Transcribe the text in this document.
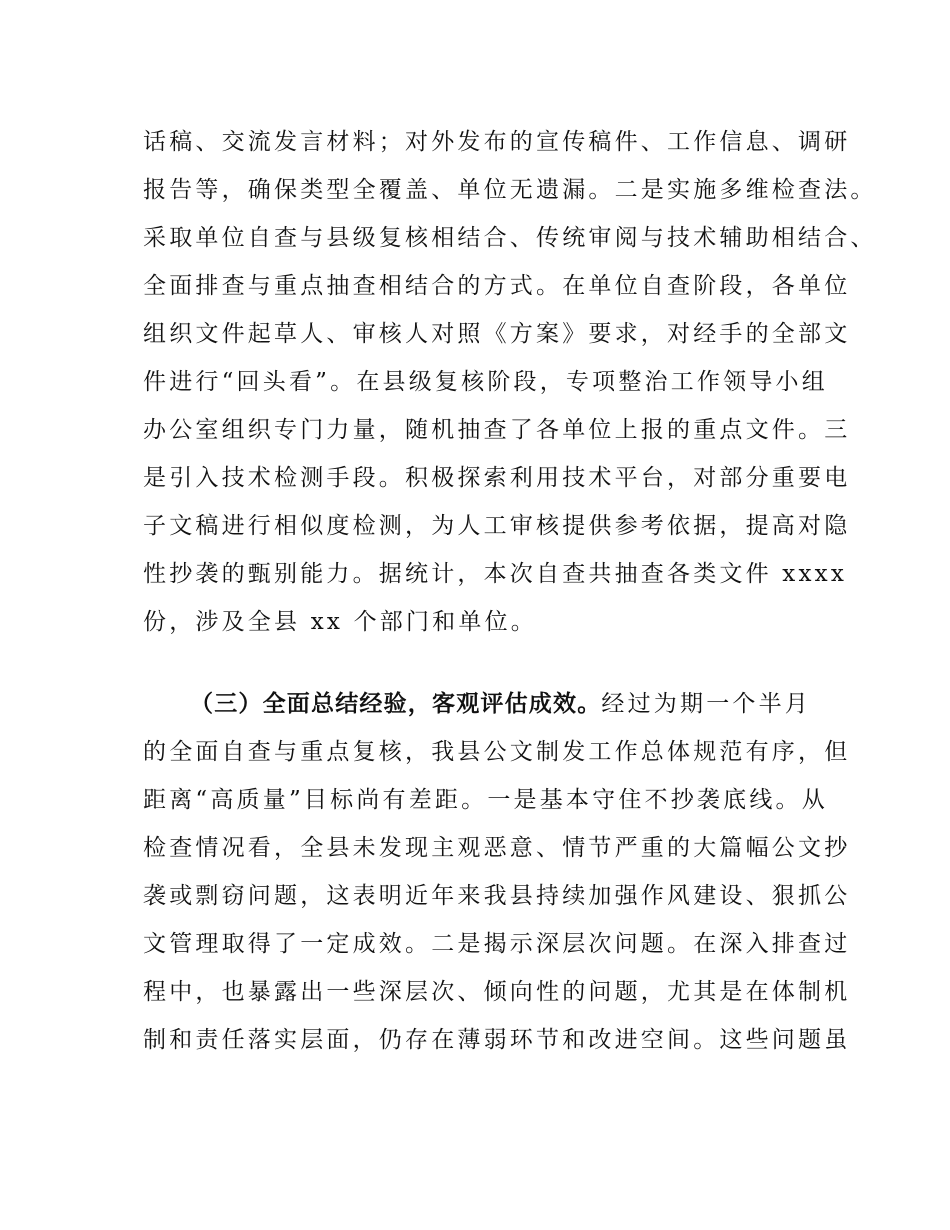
话稿、交流发言材料；对外发布的宣传稿件、工作信息、调研
报告等，确保类型全覆盖、单位无遗漏。二是实施多维检查法。
采取单位自查与县级复核相结合、传统审阅与技术辅助相结合、
全面排查与重点抽查相结合的方式。在单位自查阶段，各单位
组织文件起草人、审核人对照《方案》要求，对经手的全部文
件进行“回头看”。在县级复核阶段，专项整治工作领导小组
办公室组织专门力量，随机抽查了各单位上报的重点文件。三
是引入技术检测手段。积极探索利用技术平台，对部分重要电
子文稿进行相似度检测，为人工审核提供参考依据，提高对隐
性抄袭的甄别能力。据统计，本次自查共抽查各类文件 xxxx
份，涉及全县 xx 个部门和单位。
（三）全面总结经验，客观评估成效。经过为期一个半月
的全面自查与重点复核，我县公文制发工作总体规范有序，但
距离“高质量”目标尚有差距。一是基本守住不抄袭底线。从
检查情况看，全县未发现主观恶意、情节严重的大篇幅公文抄
袭或剽窃问题，这表明近年来我县持续加强作风建设、狠抓公
文管理取得了一定成效。二是揭示深层次问题。在深入排查过
程中，也暴露出一些深层次、倾向性的问题，尤其是在体制机
制和责任落实层面，仍存在薄弱环节和改进空间。这些问题虽
